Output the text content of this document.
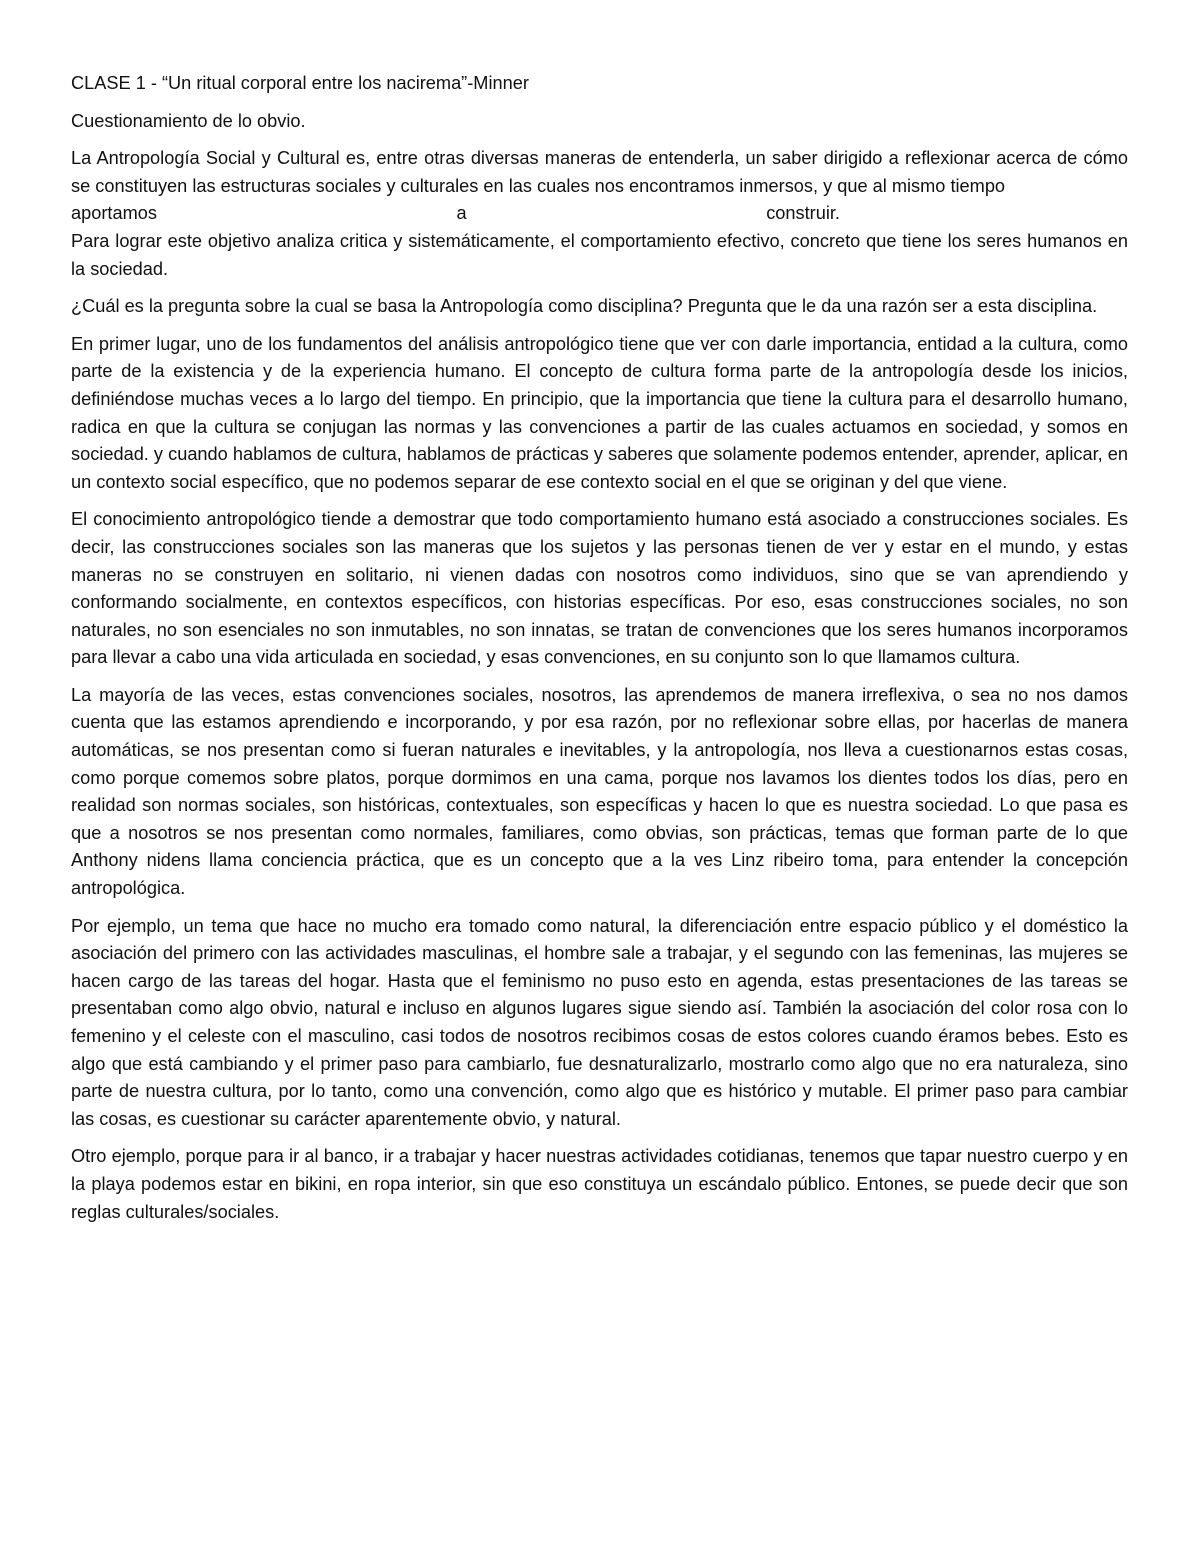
CLASE 1 - “Un ritual corporal entre los nacirema”-Minner

Cuestionamiento de lo obvio.

La Antropología Social y Cultural es, entre otras diversas maneras de entenderla, un saber dirigido a reflexionar acerca de cómo se constituyen las estructuras sociales y culturales en las cuales nos encontramos inmersos, y que al mismo tiempo

aportamos	a	construir.

Para lograr este objetivo analiza critica y sistemáticamente, el comportamiento efectivo, concreto que tiene los seres humanos en la sociedad.

¿Cuál es la pregunta sobre la cual se basa la Antropología como disciplina? Pregunta que le da una razón ser a esta disciplina.

En primer lugar, uno de los fundamentos del análisis antropológico tiene que ver con darle importancia, entidad a la cultura, como parte de la existencia y de la experiencia humano. El concepto de cultura forma parte de la antropología desde los inicios, definiéndose muchas veces a lo largo del tiempo. En principio, que la importancia que tiene la cultura para el desarrollo humano, radica en que la cultura se conjugan las normas y las convenciones a partir de las cuales actuamos en sociedad, y somos en sociedad. y cuando hablamos de cultura, hablamos de prácticas y saberes que solamente podemos entender, aprender, aplicar, en un contexto social específico, que no podemos separar de ese contexto social en el que se originan y del que viene.

El conocimiento antropológico tiende a demostrar que todo comportamiento humano está asociado a construcciones sociales. Es decir, las construcciones sociales son las maneras que los sujetos y las personas tienen de ver y estar en el mundo, y estas maneras no se construyen en solitario, ni vienen dadas con nosotros como individuos, sino que se van aprendiendo y conformando socialmente, en contextos específicos, con historias específicas. Por eso, esas construcciones sociales, no son naturales, no son esenciales no son inmutables, no son innatas, se tratan de convenciones que los seres humanos incorporamos para llevar a cabo una vida articulada en sociedad, y esas convenciones, en su conjunto son lo que llamamos cultura.

La mayoría de las veces, estas convenciones sociales, nosotros, las aprendemos de manera irreflexiva, o sea no nos damos cuenta que las estamos aprendiendo e incorporando, y por esa razón, por no reflexionar sobre ellas, por hacerlas de manera automáticas, se nos presentan como si fueran naturales e inevitables, y la antropología, nos lleva a cuestionarnos estas cosas, como porque comemos sobre platos, porque dormimos en una cama, porque nos lavamos los dientes todos los días, pero en realidad son normas sociales, son históricas, contextuales, son específicas y hacen lo que es nuestra sociedad. Lo que pasa es que a nosotros se nos presentan como normales, familiares, como obvias, son prácticas, temas que forman parte de lo que Anthony nidens llama conciencia práctica, que es un concepto que a la ves Linz ribeiro toma, para entender la concepción antropológica.

Por ejemplo, un tema que hace no mucho era tomado como natural, la diferenciación entre espacio público y el doméstico la asociación del primero con las actividades masculinas, el hombre sale a trabajar, y el segundo con las femeninas, las mujeres se hacen cargo de las tareas del hogar. Hasta que el feminismo no puso esto en agenda, estas presentaciones de las tareas se presentaban como algo obvio, natural e incluso en algunos lugares sigue siendo así. También la asociación del color rosa con lo femenino y el celeste con el masculino, casi todos de nosotros recibimos cosas de estos colores cuando éramos bebes. Esto es algo que está cambiando y el primer paso para cambiarlo, fue desnaturalizarlo, mostrarlo como algo que no era naturaleza, sino parte de nuestra cultura, por lo tanto, como una convención, como algo que es histórico y mutable. El primer paso para cambiar las cosas, es cuestionar su carácter aparentemente obvio, y natural.

Otro ejemplo, porque para ir al banco, ir a trabajar y hacer nuestras actividades cotidianas, tenemos que tapar nuestro cuerpo y en la playa podemos estar en bikini, en ropa interior, sin que eso constituya un escándalo público. Entones, se puede decir que son reglas culturales/sociales.
